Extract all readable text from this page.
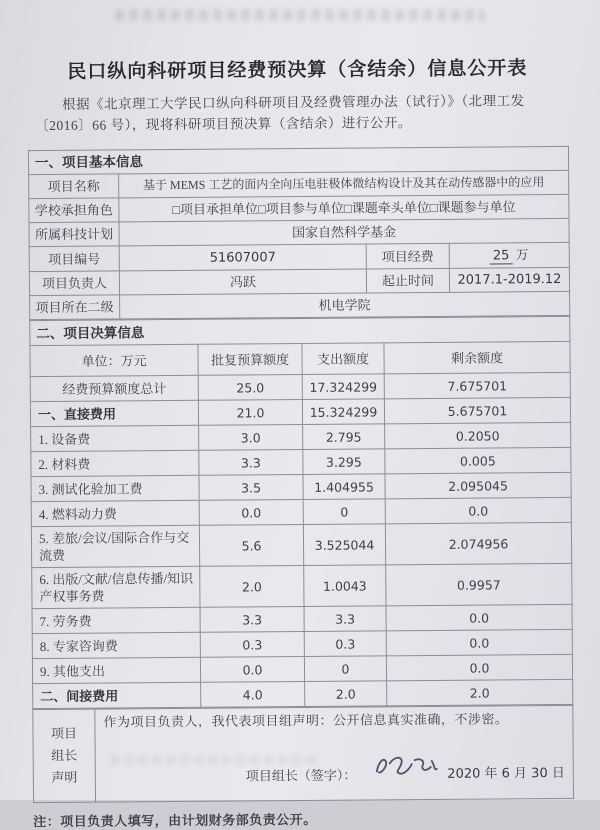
民口纵向科研项目经费预决算（含结余）信息公开表
根据《北京理工大学民口纵向科研项目及经费管理办法（试行）》（北理工发〔2016〕66 号），现将科研项目预决算（含结余）进行公开。
一、项目基本信息			
项目名称	基于 MEMS 工艺的面内全向压电驻极体微结构设计及其在动传感器中的应用		
学校承担角色	□项目承担单位□项目参与单位□课题牵头单位□课题参与单位		
所属科技计划	国家自然科学基金		
项目编号	51607007	项目经费	25 万
项目负责人	冯跃	起止时间	2017.1-2019.12
项目所在二级	机电学院		
二、项目决算信息			
单位：万元	批复预算额度	支出额度	剩余额度
经费预算额度总计	25.0	17.324299	7.675701
一、直接费用	21.0	15.324299	5.675701
1. 设备费	3.0	2.795	0.2050
2. 材料费	3.3	3.295	0.005
3. 测试化验加工费	3.5	1.404955	2.095045
4. 燃料动力费	0.0	0	0.0
5. 差旅/会议/国际合作与交流费	5.6	3.525044	2.074956
6. 出版/文献/信息传播/知识产权事务费	2.0	1.0043	0.9957
7. 劳务费	3.3	3.3	0.0
8. 专家咨询费	0.3	0.3	0.0
9. 其他支出	0.0	0	0.0
二、间接费用	4.0	2.0	2.0
项目
组长
声明

作为项目负责人，我代表项目组声明：公开信息真实准确，不涉密。
项目组长（签字）：	2020 年 6 月 30 日
注：项目负责人填写，由计划财务部负责公开。
